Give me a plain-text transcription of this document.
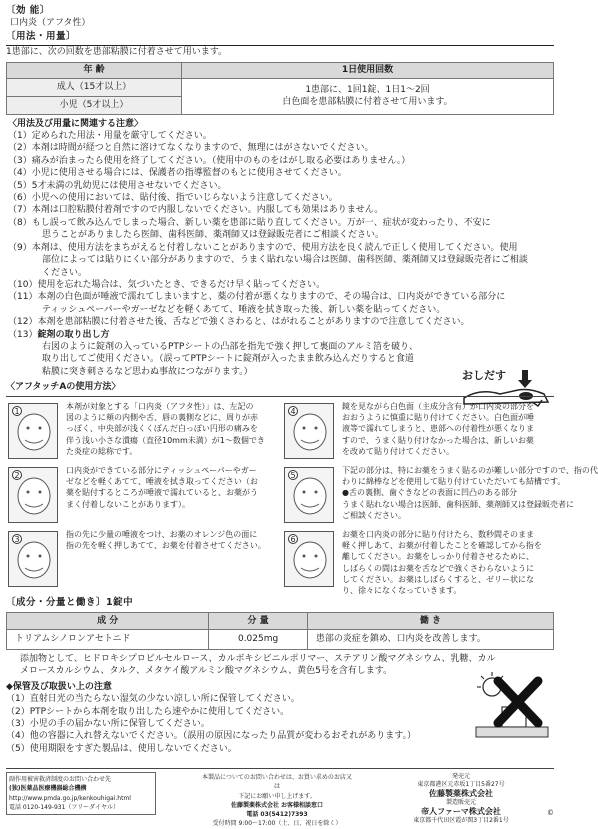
〔効 能〕
口内炎（アフタ性）
〔用法・用量〕
1患部に、次の回数を患部粘膜に付着させて用います。
年 齢	1日使用回数
成人（15才以上）	1患部に、1回1錠、1日1〜2回
白色面を患部粘膜に付着させて用います。

小児（5才以上）	
〈用法及び用量に関連する注意〉
（1）定められた用法・用量を厳守してください。
（2）本剤は時間が経つと自然に溶けてなくなりますので、無理にはがさないでください。
（3）痛みが治まったら使用を終了してください。（使用中のものをはがし取る必要はありません。）
（4）小児に使用させる場合には、保護者の指導監督のもとに使用させてください。
（5）5才未満の乳幼児には使用させないでください。
（6）小児への使用においては、貼付後、指でいじらないよう注意してください。
（7）本剤は口腔粘膜付着剤ですので内服しないでください。内服しても効果はありません。
（8）もし誤って飲み込んでしまった場合、新しい薬を患部に貼り直してください。万が一、症状が変わったり、不安に
思うことがありましたら医師、歯科医師、薬剤師又は登録販売者にご相談ください。
（9）本剤は、使用方法をまちがえると付着しないことがありますので、使用方法を良く読んで正しく使用してください。使用
部位によっては貼りにくい部分がありますので、うまく貼れない場合は医師、歯科医師、薬剤師又は登録販売者にご相談
ください。
（10）使用を忘れた場合は、気づいたとき、できるだけ早く貼ってください。
（11）本剤の白色面が唾液で濡れてしまいますと、薬の付着が悪くなりますので、その場合は、口内炎ができている部分に
ティッシュペーパーやガーゼなどを軽くあてて、唾液を拭き取った後、新しい薬を貼ってください。
（12）本剤を患部粘膜に付着させた後、舌などで強くさわると、はがれることがありますので注意してください。
（13）錠剤の取り出し方
右図のように錠剤の入っているPTPシートの凸部を指先で強く押して裏面のアルミ箔を破り、
取り出してご使用ください。（誤ってPTPシートに錠剤が入ったまま飲み込んだりすると食道
粘膜に突き刺さるなど思わぬ事故につながります。）	おしだす
〈アフタッチAの使用方法〉
1
本剤が対象とする「口内炎（アフタ性）」は、左記の
図のように頬の内側や舌、唇の裏側などに、周りが赤
っぽく、中央部が浅くくぼんだ白っぽい円形の痛みを
伴う浅い小さな潰瘍（直径10mm未満）が1〜数個でき
た炎症の総称です。
4
鏡を見ながら白色面（主成分含有）が口内炎の部分を
おおうように慎重に貼り付けてください。白色面が唾
液等で濡れてしまうと、患部への付着性が悪くなりま
すので、うまく貼り付けなかった場合は、新しいお薬
を改めて貼り付けてください。
2
口内炎ができている部分にティッシュペーパーやガー
ゼなどを軽くあてて、唾液を拭き取ってください（お
薬を貼付するところが唾液で濡れていると、お薬がう
まく付着しないことがあります）。
5
下記の部分は、特にお薬をうまく貼るのが難しい部分ですので、指の代
わりに綿棒などを使用して貼り付けていただいても結構です。
●舌の裏側、歯ぐきなどの表面に凹凸のある部分
うまく貼れない場合は医師、歯科医師、薬剤師又は登録販売者に
ご相談ください。
3
指の先に少量の唾液をつけ、お薬のオレンジ色の面に
指の先を軽く押しあてて、お薬を付着させてください。
6
お薬を口内炎の部分に貼り付けたら、数秒間そのまま
軽く押しあて、お薬が付着したことを確認してから指を
離してください。お薬をしっかり付着させるために、
しばらくの間はお薬を舌などで強くさわらないように
してください。お薬はしばらくすると、ゼリー状にな
り、徐々になくなっていきます。
〔成分・分量と働き〕1錠中
成 分	分 量	働 き
トリアムシノロンアセトニド	0.025mg	患部の炎症を鎮め、口内炎を改善します。
添加物として、ヒドロキシプロピルセルロース、カルボキシビニルポリマー、ステアリン酸マグネシウム、乳糖、カル
メロースカルシウム、タルク、メタケイ酸アルミン酸マグネシウム、黄色5号を含有します。
◆保管及び取扱い上の注意
（1）直射日光の当たらない湿気の少ない涼しい所に保管してください。
（2）PTPシートから本剤を取り出したら速やかに使用してください。
（3）小児の手の届かない所に保管してください。
（4）他の容器に入れ替えないでください。（誤用の原因になったり品質が変わるおそれがあります。）
（5）使用期限をすぎた製品は、使用しないでください。
副作用被害救済制度のお問い合わせ先
(独)医薬品医療機器総合機構
http://www.pmda.go.jp/kenkouhigai.html
電話 0120-149-931（フリーダイヤル）
本製品についてのお問い合わせは、お買い求めのお店又は
下記にお願い申し上げます。
佐藤製薬株式会社 お客様相談窓口
電話 03(5412)7393
受付時間 9:00〜17:00（土、日、祝日を除く）
発売元
東京都港区元赤坂1丁目5番27号
佐藤製薬株式会社
製造販売元
帝人ファーマ株式会社
東京都千代田区霞が関3丁目2番1号
©
